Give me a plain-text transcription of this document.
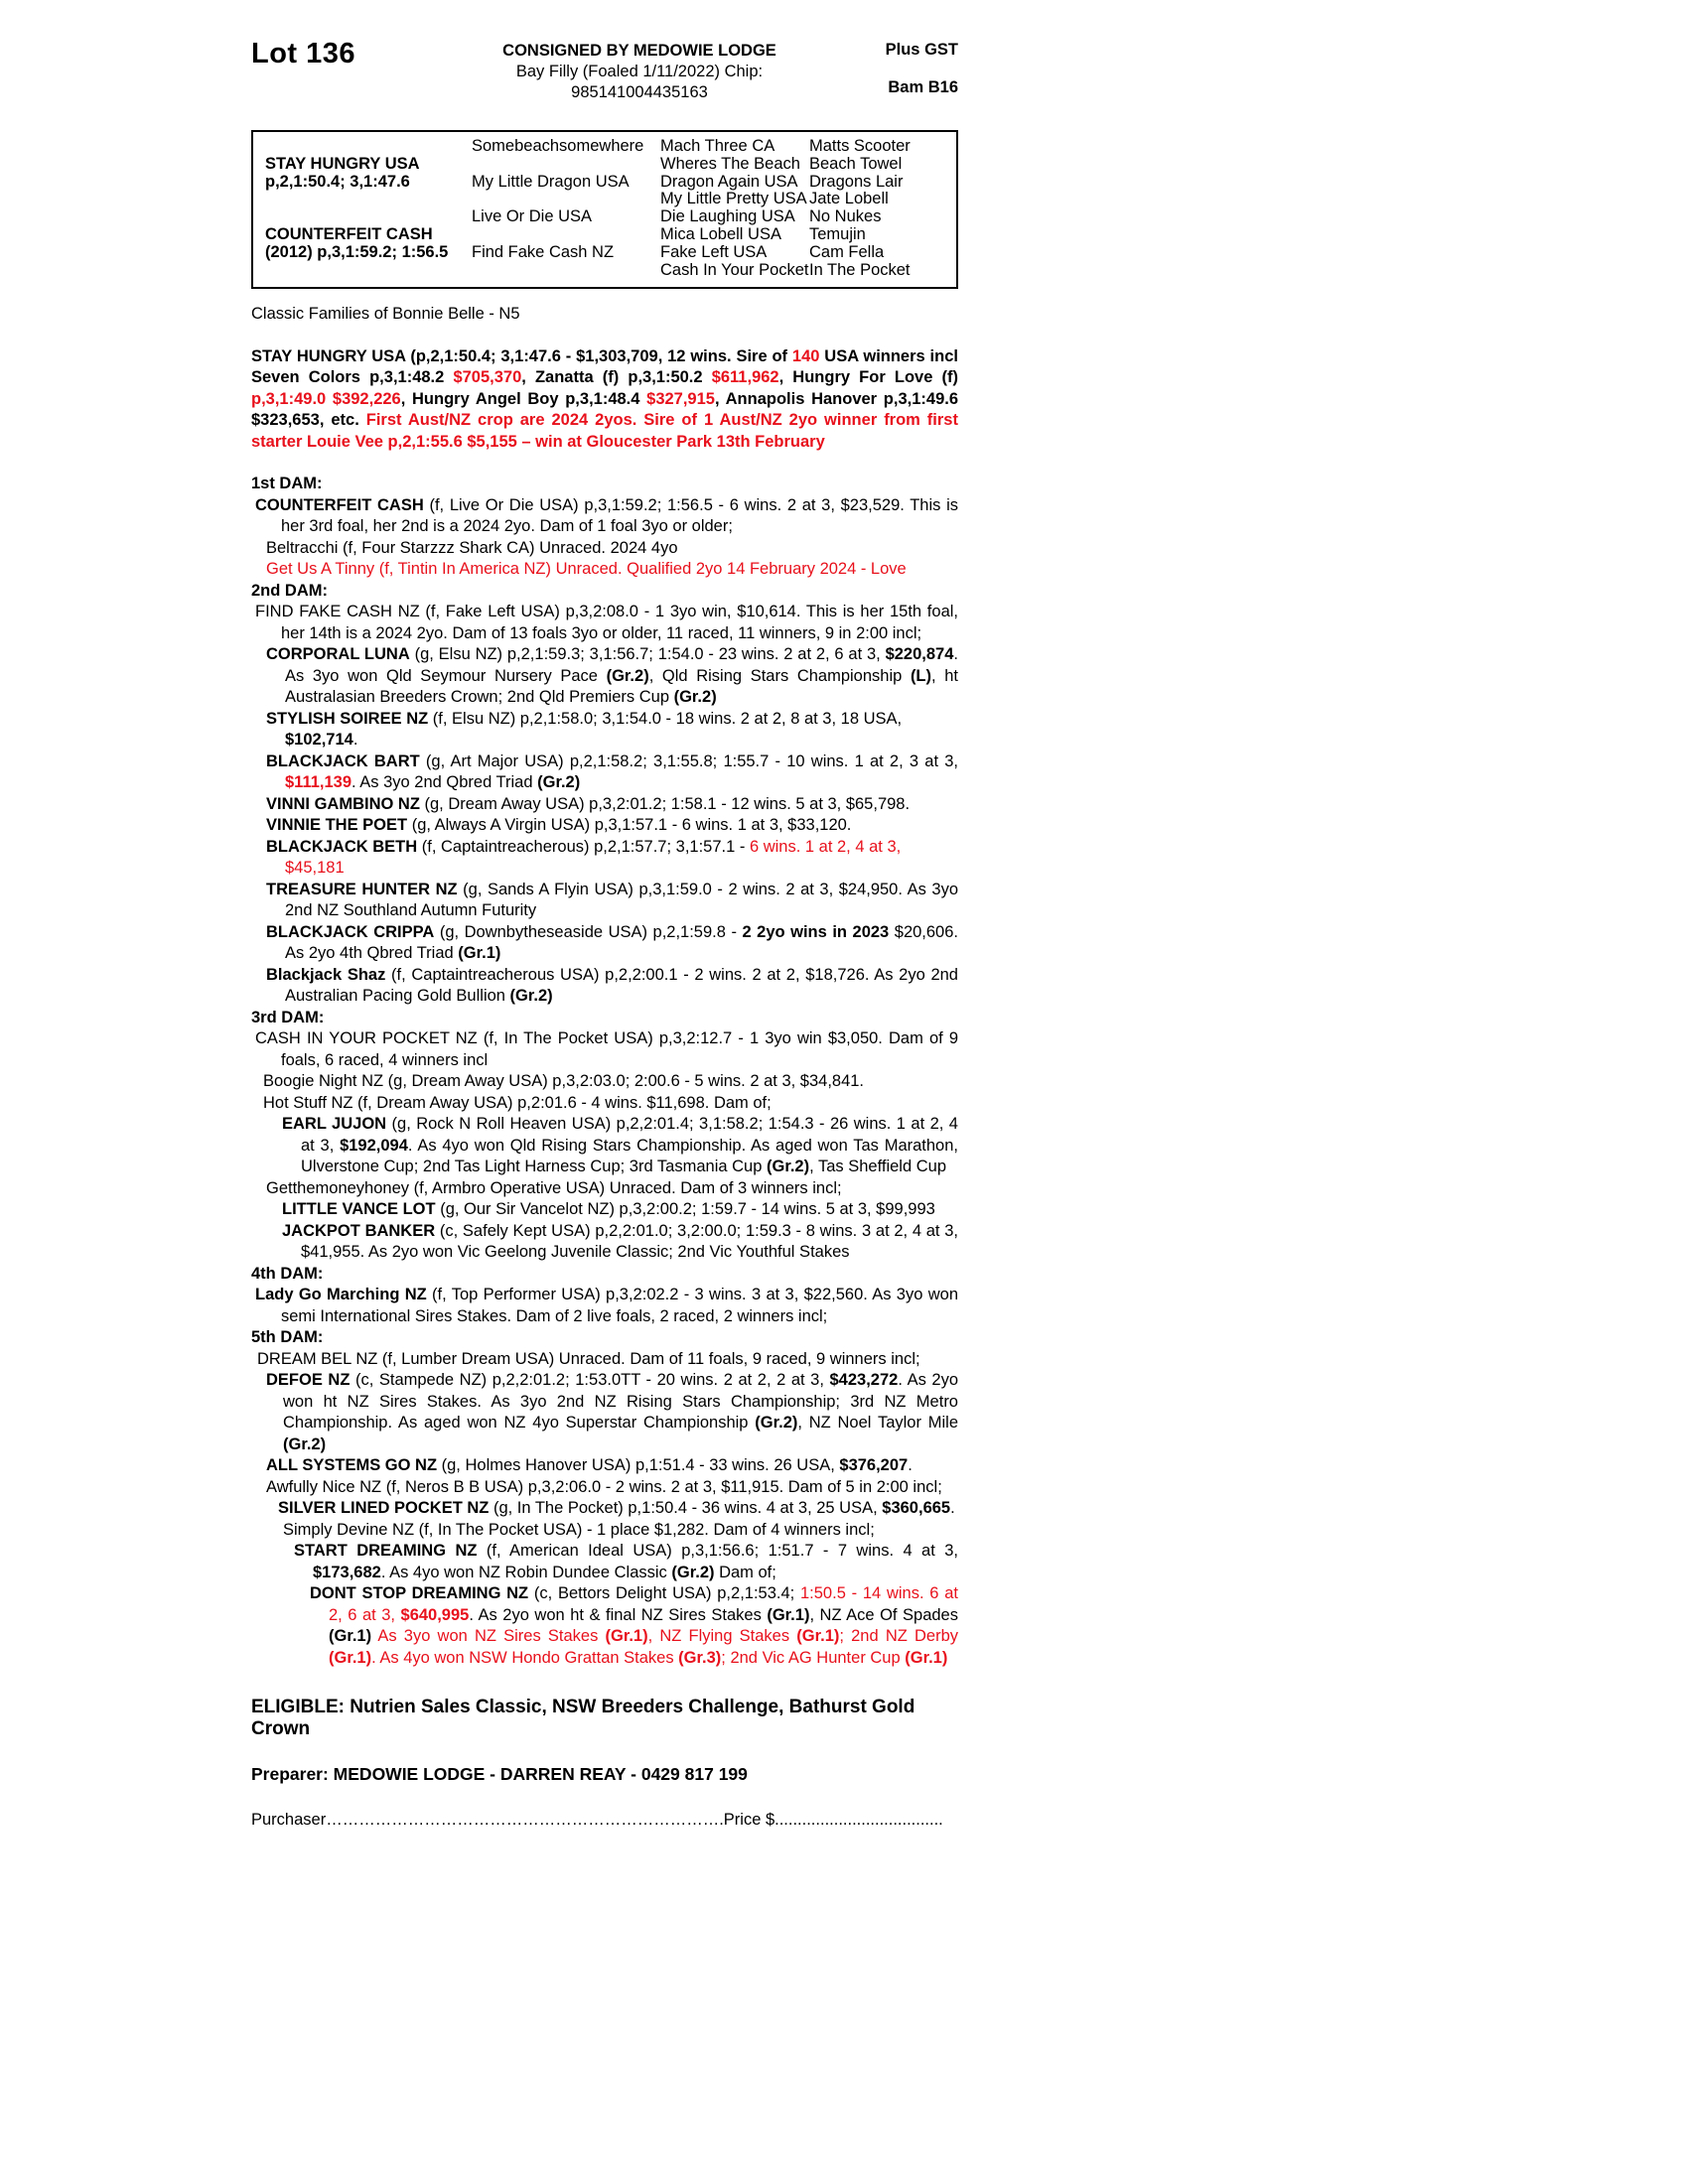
Lot 136	CONSIGNED BY MEDOWIE LODGE
Bay Filly (Foaled 1/11/2022) Chip: 985141004435163
Plus GST
Bam B16
STAY HUNGRY USA
p,2,1:50.4; 3,1:47.6
COUNTERFEIT CASH
(2012) p,3,1:59.2; 1:56.5
Somebeachsomewhere
My Little Dragon USA
Live Or Die USA
Find Fake Cash NZ
Mach Three CA
Wheres The Beach
Dragon Again USA
My Little Pretty USA
Die Laughing USA
Mica Lobell USA
Fake Left USA
Cash In Your Pocket
Matts Scooter
Beach Towel
Dragons Lair
Jate Lobell
No Nukes
Temujin
Cam Fella
In The Pocket
Classic Families of Bonnie Belle - N5
STAY HUNGRY USA (p,2,1:50.4; 3,1:47.6 - $1,303,709, 12 wins. Sire of 140 USA winners incl Seven Colors p,3,1:48.2 $705,370, Zanatta (f) p,3,1:50.2 $611,962, Hungry For Love (f) p,3,1:49.0 $392,226, Hungry Angel Boy p,3,1:48.4 $327,915, Annapolis Hanover p,3,1:49.6 $323,653, etc. First Aust/NZ crop are 2024 2yos. Sire of 1 Aust/NZ 2yo winner from first starter Louie Vee p,2,1:55.6 $5,155 – win at Gloucester Park 13th February
1st DAM:
COUNTERFEIT CASH (f, Live Or Die USA) p,3,1:59.2; 1:56.5 - 6 wins. 2 at 3, $23,529. This is her 3rd foal, her 2nd is a 2024 2yo. Dam of 1 foal 3yo or older;
Beltracchi (f, Four Starzzz Shark CA) Unraced. 2024 4yo
Get Us A Tinny (f, Tintin In America NZ) Unraced. Qualified 2yo 14 February 2024 - Love
2nd DAM:
FIND FAKE CASH NZ (f, Fake Left USA) p,3,2:08.0 - 1 3yo win, $10,614. This is her 15th foal, her 14th is a 2024 2yo. Dam of 13 foals 3yo or older, 11 raced, 11 winners, 9 in 2:00 incl;
CORPORAL LUNA (g, Elsu NZ) p,2,1:59.3; 3,1:56.7; 1:54.0 - 23 wins. 2 at 2, 6 at 3, $220,874. As 3yo won Qld Seymour Nursery Pace (Gr.2), Qld Rising Stars Championship (L), ht Australasian Breeders Crown; 2nd Qld Premiers Cup (Gr.2)
STYLISH SOIREE NZ (f, Elsu NZ) p,2,1:58.0; 3,1:54.0 - 18 wins. 2 at 2, 8 at 3, 18 USA, $102,714.
BLACKJACK BART (g, Art Major USA) p,2,1:58.2; 3,1:55.8; 1:55.7 - 10 wins. 1 at 2, 3 at 3, $111,139. As 3yo 2nd Qbred Triad (Gr.2)
VINNI GAMBINO NZ (g, Dream Away USA) p,3,2:01.2; 1:58.1 - 12 wins. 5 at 3, $65,798.
VINNIE THE POET (g, Always A Virgin USA) p,3,1:57.1 - 6 wins. 1 at 3, $33,120.
BLACKJACK BETH (f, Captaintreacherous) p,2,1:57.7; 3,1:57.1 - 6 wins. 1 at 2, 4 at 3, $45,181
TREASURE HUNTER NZ (g, Sands A Flyin USA) p,3,1:59.0 - 2 wins. 2 at 3, $24,950. As 3yo 2nd NZ Southland Autumn Futurity
BLACKJACK CRIPPA (g, Downbytheseaside USA) p,2,1:59.8 - 2 2yo wins in 2023 $20,606. As 2yo 4th Qbred Triad (Gr.1)
Blackjack Shaz (f, Captaintreacherous USA) p,2,2:00.1 - 2 wins. 2 at 2, $18,726. As 2yo 2nd Australian Pacing Gold Bullion (Gr.2)
3rd DAM:
CASH IN YOUR POCKET NZ (f, In The Pocket USA) p,3,2:12.7 - 1 3yo win $3,050. Dam of 9 foals, 6 raced, 4 winners incl
Boogie Night NZ (g, Dream Away USA) p,3,2:03.0; 2:00.6 - 5 wins. 2 at 3, $34,841.
Hot Stuff NZ (f, Dream Away USA) p,2:01.6 - 4 wins. $11,698. Dam of;
EARL JUJON (g, Rock N Roll Heaven USA) p,2,2:01.4; 3,1:58.2; 1:54.3 - 26 wins. 1 at 2, 4 at 3, $192,094. As 4yo won Qld Rising Stars Championship. As aged won Tas Marathon, Ulverstone Cup; 2nd Tas Light Harness Cup; 3rd Tasmania Cup (Gr.2), Tas Sheffield Cup
Getthemoneyhoney (f, Armbro Operative USA) Unraced. Dam of 3 winners incl;
LITTLE VANCE LOT (g, Our Sir Vancelot NZ) p,3,2:00.2; 1:59.7 - 14 wins. 5 at 3, $99,993
JACKPOT BANKER (c, Safely Kept USA) p,2,2:01.0; 3,2:00.0; 1:59.3 - 8 wins. 3 at 2, 4 at 3, $41,955. As 2yo won Vic Geelong Juvenile Classic; 2nd Vic Youthful Stakes
4th DAM:
Lady Go Marching NZ (f, Top Performer USA) p,3,2:02.2 - 3 wins. 3 at 3, $22,560. As 3yo won semi International Sires Stakes. Dam of 2 live foals, 2 raced, 2 winners incl;
5th DAM:
DREAM BEL NZ (f, Lumber Dream USA) Unraced. Dam of 11 foals, 9 raced, 9 winners incl;
DEFOE NZ (c, Stampede NZ) p,2,2:01.2; 1:53.0TT - 20 wins. 2 at 2, 2 at 3, $423,272. As 2yo won ht NZ Sires Stakes. As 3yo 2nd NZ Rising Stars Championship; 3rd NZ Metro Championship. As aged won NZ 4yo Superstar Championship (Gr.2), NZ Noel Taylor Mile (Gr.2)
ALL SYSTEMS GO NZ (g, Holmes Hanover USA) p,1:51.4 - 33 wins. 26 USA, $376,207.
Awfully Nice NZ (f, Neros B B USA) p,3,2:06.0 - 2 wins. 2 at 3, $11,915. Dam of 5 in 2:00 incl;
SILVER LINED POCKET NZ (g, In The Pocket) p,1:50.4 - 36 wins. 4 at 3, 25 USA, $360,665.
Simply Devine NZ (f, In The Pocket USA) - 1 place $1,282. Dam of 4 winners incl;
START DREAMING NZ (f, American Ideal USA) p,3,1:56.6; 1:51.7 - 7 wins. 4 at 3, $173,682. As 4yo won NZ Robin Dundee Classic (Gr.2) Dam of;
DONT STOP DREAMING NZ (c, Bettors Delight USA) p,2,1:53.4; 1:50.5 - 14 wins. 6 at 2, 6 at 3, $640,995. As 2yo won ht & final NZ Sires Stakes (Gr.1), NZ Ace Of Spades (Gr.1) As 3yo won NZ Sires Stakes (Gr.1), NZ Flying Stakes (Gr.1); 2nd NZ Derby (Gr.1). As 4yo won NSW Hondo Grattan Stakes (Gr.3); 2nd Vic AG Hunter Cup (Gr.1)
ELIGIBLE: Nutrien Sales Classic, NSW Breeders Challenge, Bathurst Gold Crown
Preparer: MEDOWIE LODGE - DARREN REAY - 0429 817 199
Purchaser……………………………………………………………….Price $.....................................
